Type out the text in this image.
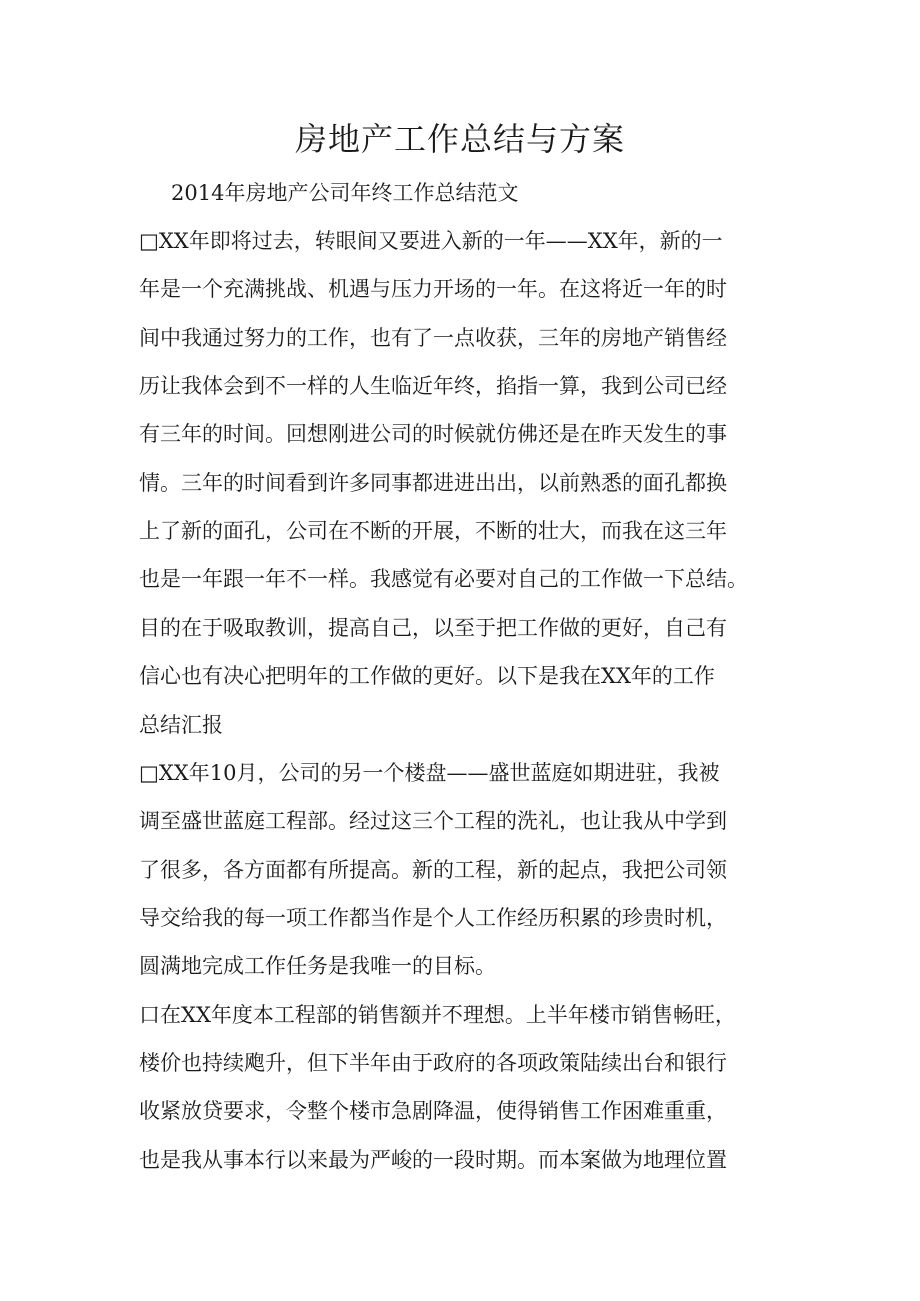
房地产工作总结与方案
2014年房地产公司年终工作总结范文
□XX年即将过去，转眼间又要进入新的一年——XX年，新的一
年是一个充满挑战、机遇与压力开场的一年。在这将近一年的时
间中我通过努力的工作，也有了一点收获，三年的房地产销售经
历让我体会到不一样的人生临近年终，掐指一算，我到公司已经
有三年的时间。回想刚进公司的时候就仿佛还是在昨天发生的事
情。三年的时间看到许多同事都进进出出，以前熟悉的面孔都换
上了新的面孔，公司在不断的开展，不断的壮大，而我在这三年
也是一年跟一年不一样。我感觉有必要对自己的工作做一下总结。
目的在于吸取教训，提高自己，以至于把工作做的更好，自己有
信心也有决心把明年的工作做的更好。以下是我在XX年的工作
总结汇报
□XX年10月，公司的另一个楼盘——盛世蓝庭如期进驻，我被
调至盛世蓝庭工程部。经过这三个工程的洗礼，也让我从中学到
了很多，各方面都有所提高。新的工程，新的起点，我把公司领
导交给我的每一项工作都当作是个人工作经历积累的珍贵时机，
圆满地完成工作任务是我唯一的目标。
口在XX年度本工程部的销售额并不理想。上半年楼市销售畅旺，
楼价也持续飑升，但下半年由于政府的各项政策陆续出台和银行
收紧放贷要求，令整个楼市急剧降温，使得销售工作困难重重，
也是我从事本行以来最为严峻的一段时期。而本案做为地理位置
